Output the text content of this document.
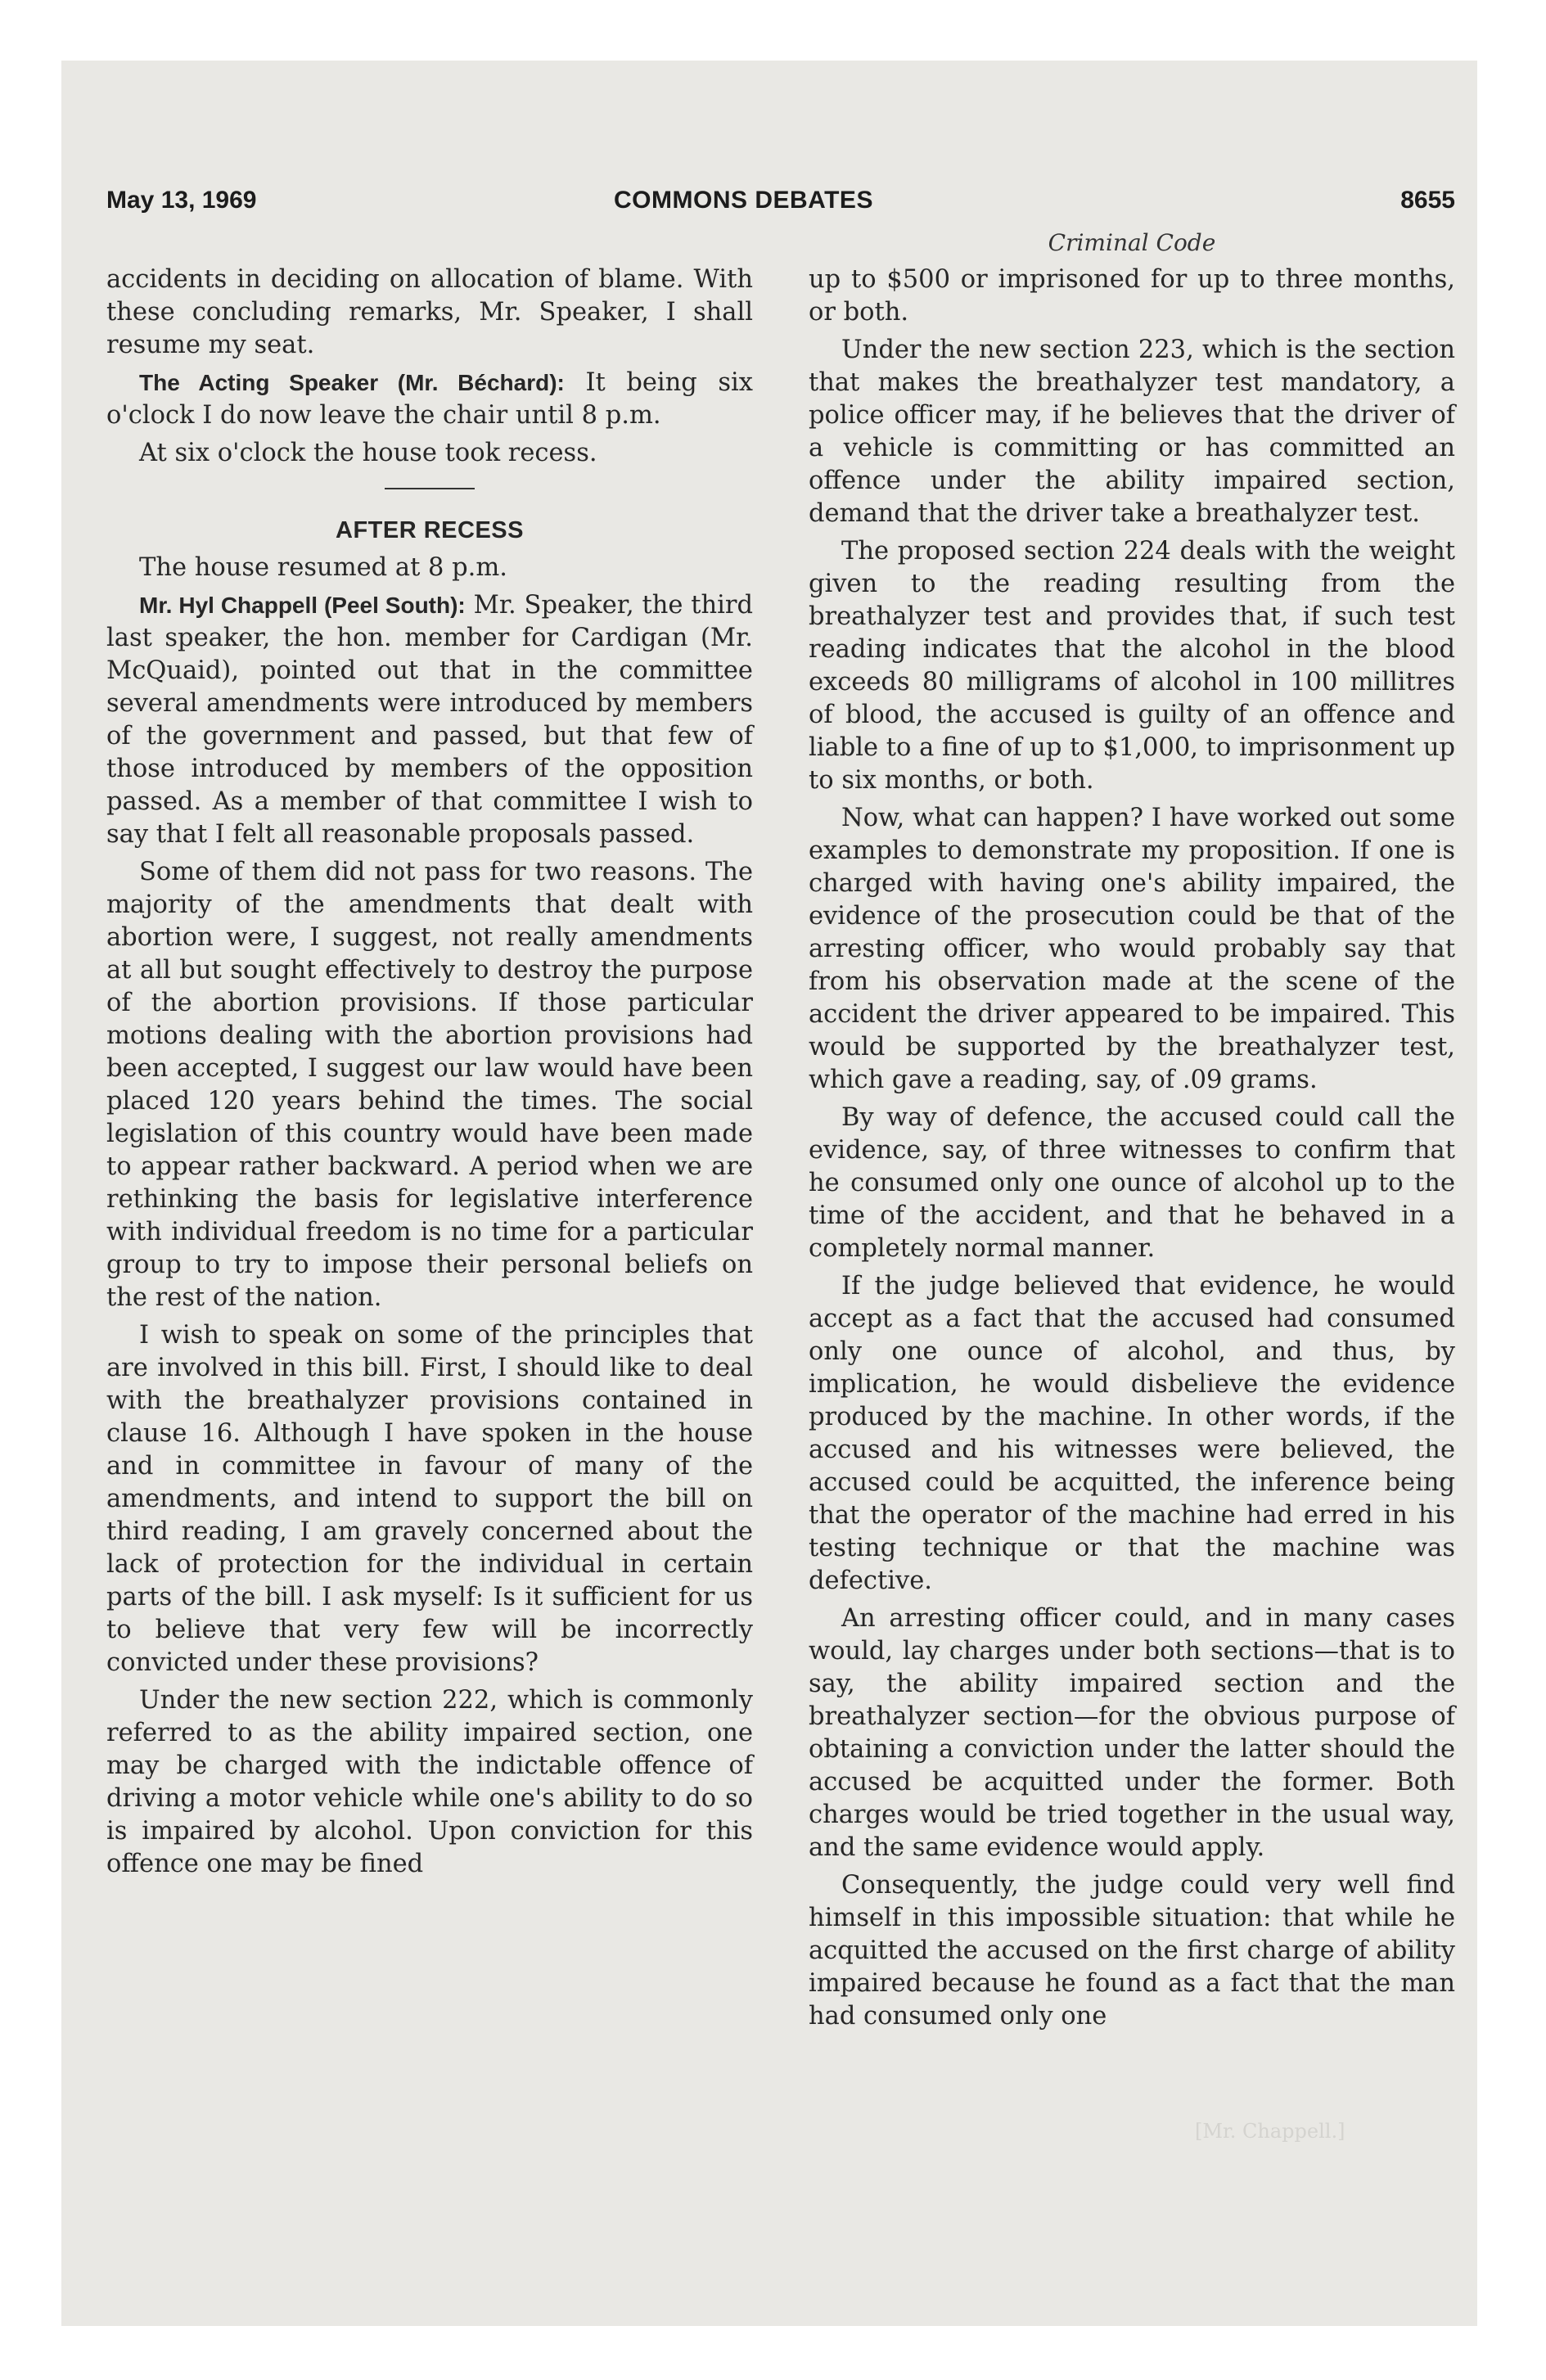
May 13, 1969	COMMONS DEBATES	8655
Criminal Code

accidents in deciding on allocation of blame. With these concluding remarks, Mr. Speaker, I shall resume my seat.

The Acting Speaker (Mr. Béchard): It being six o'clock I do now leave the chair until 8 p.m.

At six o'clock the house took recess.

AFTER RECESS

The house resumed at 8 p.m.

Mr. Hyl Chappell (Peel South): Mr. Speaker, the third last speaker, the hon. member for Cardigan (Mr. McQuaid), pointed out that in the committee several amendments were introduced by members of the government and passed, but that few of those introduced by members of the opposition passed. As a member of that committee I wish to say that I felt all reasonable proposals passed.

Some of them did not pass for two reasons. The majority of the amendments that dealt with abortion were, I suggest, not really amendments at all but sought effectively to destroy the purpose of the abortion provisions. If those particular motions dealing with the abortion provisions had been accepted, I suggest our law would have been placed 120 years behind the times. The social legislation of this country would have been made to appear rather backward. A period when we are rethinking the basis for legislative interference with individual freedom is no time for a particular group to try to impose their personal beliefs on the rest of the nation.

I wish to speak on some of the principles that are involved in this bill. First, I should like to deal with the breathalyzer provisions contained in clause 16. Although I have spoken in the house and in committee in favour of many of the amendments, and intend to support the bill on third reading, I am gravely concerned about the lack of protection for the individual in certain parts of the bill. I ask myself: Is it sufficient for us to believe that very few will be incorrectly convicted under these provisions?

Under the new section 222, which is commonly referred to as the ability impaired section, one may be charged with the indictable offence of driving a motor vehicle while one's ability to do so is impaired by alcohol. Upon conviction for this offence one may be fined

up to $500 or imprisoned for up to three months, or both.

Under the new section 223, which is the section that makes the breathalyzer test mandatory, a police officer may, if he believes that the driver of a vehicle is committing or has committed an offence under the ability impaired section, demand that the driver take a breathalyzer test.

The proposed section 224 deals with the weight given to the reading resulting from the breathalyzer test and provides that, if such test reading indicates that the alcohol in the blood exceeds 80 milligrams of alcohol in 100 millitres of blood, the accused is guilty of an offence and liable to a fine of up to $1,000, to imprisonment up to six months, or both.

Now, what can happen? I have worked out some examples to demonstrate my proposition. If one is charged with having one's ability impaired, the evidence of the prosecution could be that of the arresting officer, who would probably say that from his observation made at the scene of the accident the driver appeared to be impaired. This would be supported by the breathalyzer test, which gave a reading, say, of .09 grams.

By way of defence, the accused could call the evidence, say, of three witnesses to confirm that he consumed only one ounce of alcohol up to the time of the accident, and that he behaved in a completely normal manner.

If the judge believed that evidence, he would accept as a fact that the accused had consumed only one ounce of alcohol, and thus, by implication, he would disbelieve the evidence produced by the machine. In other words, if the accused and his witnesses were believed, the accused could be acquitted, the inference being that the operator of the machine had erred in his testing technique or that the machine was defective.

An arresting officer could, and in many cases would, lay charges under both sections—that is to say, the ability impaired section and the breathalyzer section—for the obvious purpose of obtaining a conviction under the latter should the accused be acquitted under the former. Both charges would be tried together in the usual way, and the same evidence would apply.

Consequently, the judge could very well find himself in this impossible situation: that while he acquitted the accused on the first charge of ability impaired because he found as a fact that the man had consumed only one

[Mr. Chappell.]
